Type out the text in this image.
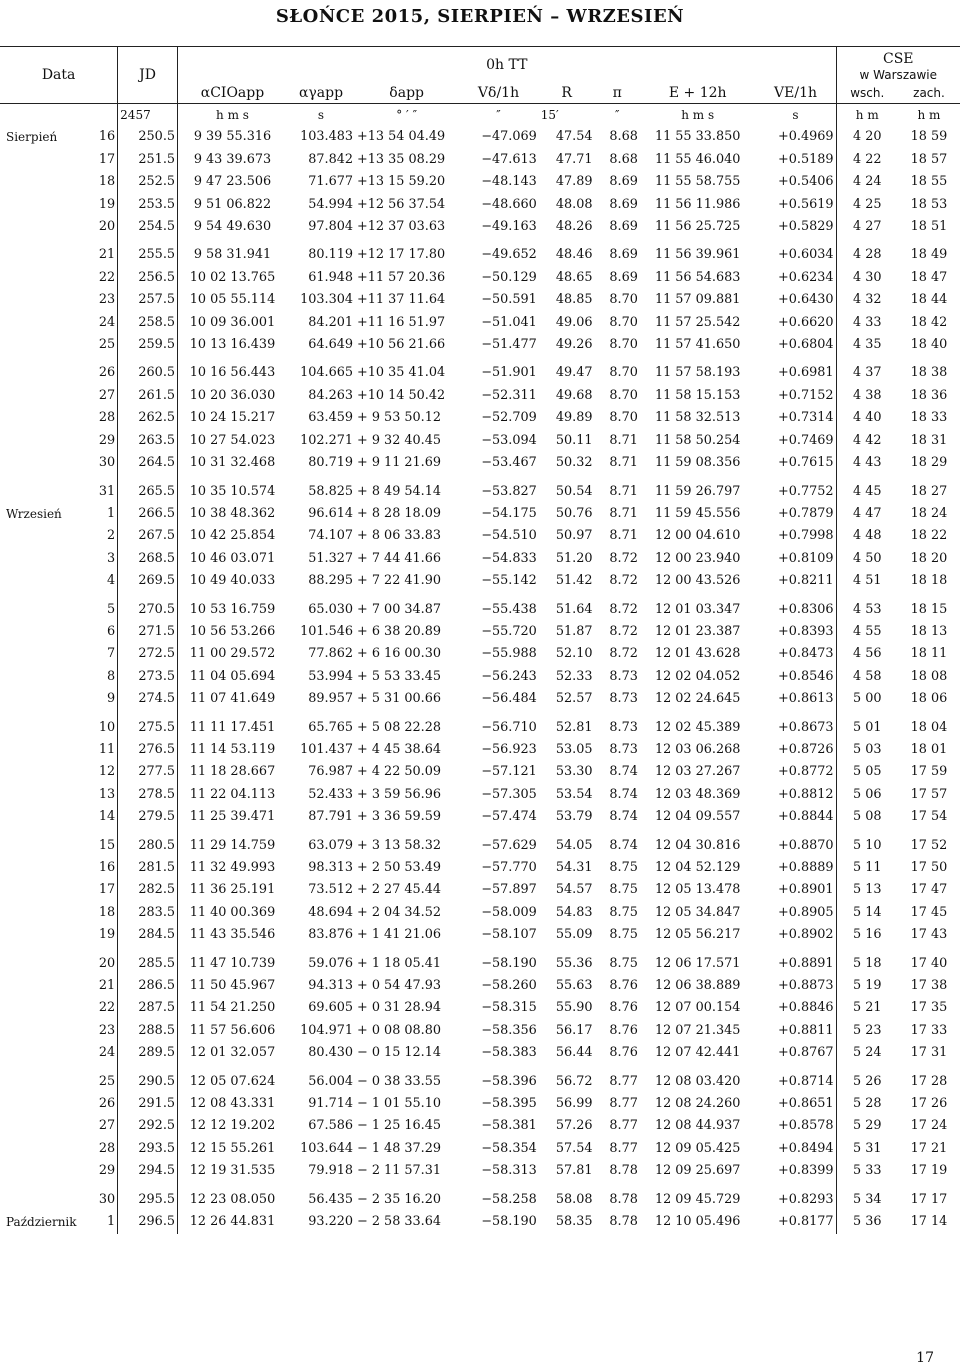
SŁOŃCE 2015, SIERPIEŃ – WRZESIEŃ
Data		JD	0h TT								CSE
w Warszawie	
			αCIOapp	αγapp	δapp	Vδ/1h	R	π	E + 12h	VE/1h	wsch.	zach.
		2457	h m s	s	° ′ ″	″	15′	″	h m s	s	h m	h m
Sierpień	16	250.5	9 39 55.316	103.483	+13 54 04.49	−47.069	47.54	8.68	11 55 33.850	+0.4969	4 20	18 59
	17	251.5	9 43 39.673	87.842	+13 35 08.29	−47.613	47.71	8.68	11 55 46.040	+0.5189	4 22	18 57
	18	252.5	9 47 23.506	71.677	+13 15 59.20	−48.143	47.89	8.69	11 55 58.755	+0.5406	4 24	18 55
	19	253.5	9 51 06.822	54.994	+12 56 37.54	−48.660	48.08	8.69	11 56 11.986	+0.5619	4 25	18 53
	20	254.5	9 54 49.630	97.804	+12 37 03.63	−49.163	48.26	8.69	11 56 25.725	+0.5829	4 27	18 51
	21	255.5	9 58 31.941	80.119	+12 17 17.80	−49.652	48.46	8.69	11 56 39.961	+0.6034	4 28	18 49
	22	256.5	10 02 13.765	61.948	+11 57 20.36	−50.129	48.65	8.69	11 56 54.683	+0.6234	4 30	18 47
	23	257.5	10 05 55.114	103.304	+11 37 11.64	−50.591	48.85	8.70	11 57 09.881	+0.6430	4 32	18 44
	24	258.5	10 09 36.001	84.201	+11 16 51.97	−51.041	49.06	8.70	11 57 25.542	+0.6620	4 33	18 42
	25	259.5	10 13 16.439	64.649	+10 56 21.66	−51.477	49.26	8.70	11 57 41.650	+0.6804	4 35	18 40
	26	260.5	10 16 56.443	104.665	+10 35 41.04	−51.901	49.47	8.70	11 57 58.193	+0.6981	4 37	18 38
	27	261.5	10 20 36.030	84.263	+10 14 50.42	−52.311	49.68	8.70	11 58 15.153	+0.7152	4 38	18 36
	28	262.5	10 24 15.217	63.459	+ 9 53 50.12	−52.709	49.89	8.70	11 58 32.513	+0.7314	4 40	18 33
	29	263.5	10 27 54.023	102.271	+ 9 32 40.45	−53.094	50.11	8.71	11 58 50.254	+0.7469	4 42	18 31
	30	264.5	10 31 32.468	80.719	+ 9 11 21.69	−53.467	50.32	8.71	11 59 08.356	+0.7615	4 43	18 29
	31	265.5	10 35 10.574	58.825	+ 8 49 54.14	−53.827	50.54	8.71	11 59 26.797	+0.7752	4 45	18 27
Wrzesień	1	266.5	10 38 48.362	96.614	+ 8 28 18.09	−54.175	50.76	8.71	11 59 45.556	+0.7879	4 47	18 24
	2	267.5	10 42 25.854	74.107	+ 8 06 33.83	−54.510	50.97	8.71	12 00 04.610	+0.7998	4 48	18 22
	3	268.5	10 46 03.071	51.327	+ 7 44 41.66	−54.833	51.20	8.72	12 00 23.940	+0.8109	4 50	18 20
	4	269.5	10 49 40.033	88.295	+ 7 22 41.90	−55.142	51.42	8.72	12 00 43.526	+0.8211	4 51	18 18
	5	270.5	10 53 16.759	65.030	+ 7 00 34.87	−55.438	51.64	8.72	12 01 03.347	+0.8306	4 53	18 15
	6	271.5	10 56 53.266	101.546	+ 6 38 20.89	−55.720	51.87	8.72	12 01 23.387	+0.8393	4 55	18 13
	7	272.5	11 00 29.572	77.862	+ 6 16 00.30	−55.988	52.10	8.72	12 01 43.628	+0.8473	4 56	18 11
	8	273.5	11 04 05.694	53.994	+ 5 53 33.45	−56.243	52.33	8.73	12 02 04.052	+0.8546	4 58	18 08
	9	274.5	11 07 41.649	89.957	+ 5 31 00.66	−56.484	52.57	8.73	12 02 24.645	+0.8613	5 00	18 06
	10	275.5	11 11 17.451	65.765	+ 5 08 22.28	−56.710	52.81	8.73	12 02 45.389	+0.8673	5 01	18 04
	11	276.5	11 14 53.119	101.437	+ 4 45 38.64	−56.923	53.05	8.73	12 03 06.268	+0.8726	5 03	18 01
	12	277.5	11 18 28.667	76.987	+ 4 22 50.09	−57.121	53.30	8.74	12 03 27.267	+0.8772	5 05	17 59
	13	278.5	11 22 04.113	52.433	+ 3 59 56.96	−57.305	53.54	8.74	12 03 48.369	+0.8812	5 06	17 57
	14	279.5	11 25 39.471	87.791	+ 3 36 59.59	−57.474	53.79	8.74	12 04 09.557	+0.8844	5 08	17 54
	15	280.5	11 29 14.759	63.079	+ 3 13 58.32	−57.629	54.05	8.74	12 04 30.816	+0.8870	5 10	17 52
	16	281.5	11 32 49.993	98.313	+ 2 50 53.49	−57.770	54.31	8.75	12 04 52.129	+0.8889	5 11	17 50
	17	282.5	11 36 25.191	73.512	+ 2 27 45.44	−57.897	54.57	8.75	12 05 13.478	+0.8901	5 13	17 47
	18	283.5	11 40 00.369	48.694	+ 2 04 34.52	−58.009	54.83	8.75	12 05 34.847	+0.8905	5 14	17 45
	19	284.5	11 43 35.546	83.876	+ 1 41 21.06	−58.107	55.09	8.75	12 05 56.217	+0.8902	5 16	17 43
	20	285.5	11 47 10.739	59.076	+ 1 18 05.41	−58.190	55.36	8.75	12 06 17.571	+0.8891	5 18	17 40
	21	286.5	11 50 45.967	94.313	+ 0 54 47.93	−58.260	55.63	8.76	12 06 38.889	+0.8873	5 19	17 38
	22	287.5	11 54 21.250	69.605	+ 0 31 28.94	−58.315	55.90	8.76	12 07 00.154	+0.8846	5 21	17 35
	23	288.5	11 57 56.606	104.971	+ 0 08 08.80	−58.356	56.17	8.76	12 07 21.345	+0.8811	5 23	17 33
	24	289.5	12 01 32.057	80.430	− 0 15 12.14	−58.383	56.44	8.76	12 07 42.441	+0.8767	5 24	17 31
	25	290.5	12 05 07.624	56.004	− 0 38 33.55	−58.396	56.72	8.77	12 08 03.420	+0.8714	5 26	17 28
	26	291.5	12 08 43.331	91.714	− 1 01 55.10	−58.395	56.99	8.77	12 08 24.260	+0.8651	5 28	17 26
	27	292.5	12 12 19.202	67.586	− 1 25 16.45	−58.381	57.26	8.77	12 08 44.937	+0.8578	5 29	17 24
	28	293.5	12 15 55.261	103.644	− 1 48 37.29	−58.354	57.54	8.77	12 09 05.425	+0.8494	5 31	17 21
	29	294.5	12 19 31.535	79.918	− 2 11 57.31	−58.313	57.81	8.78	12 09 25.697	+0.8399	5 33	17 19
	30	295.5	12 23 08.050	56.435	− 2 35 16.20	−58.258	58.08	8.78	12 09 45.729	+0.8293	5 34	17 17
Październik	1	296.5	12 26 44.831	93.220	− 2 58 33.64	−58.190	58.35	8.78	12 10 05.496	+0.8177	5 36	17 14
17
